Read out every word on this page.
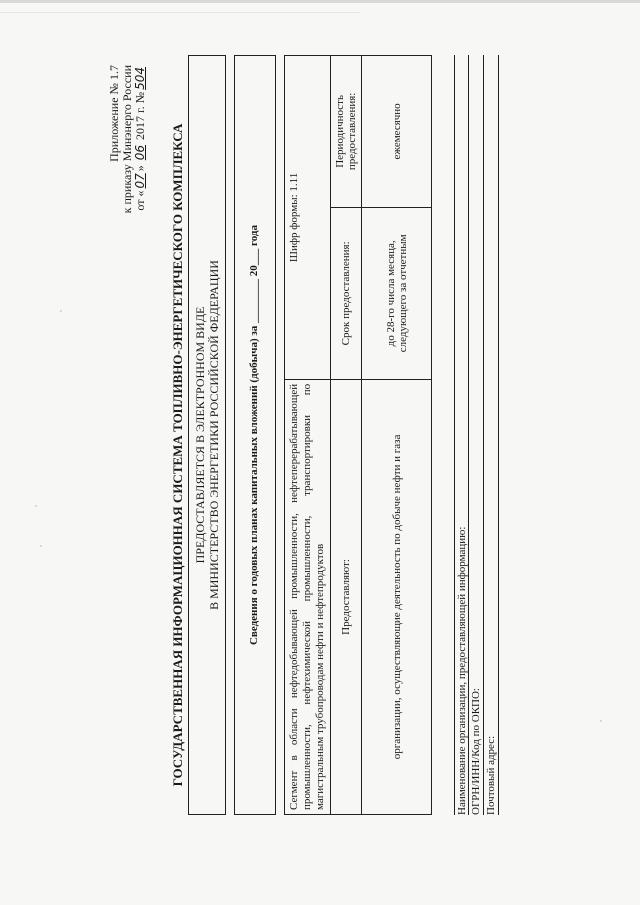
Приложение № 1.7 к приказу Минэнерго России от «07» 06 2017 г. №504
ГОСУДАРСТВЕННАЯ ИНФОРМАЦИОННАЯ СИСТЕМА ТОПЛИВНО-ЭНЕРГЕТИЧЕСКОГО КОМПЛЕКСА ПРЕДОСТАВЛЯЕТСЯ В ЭЛЕКТРОННОМ ВИДЕ В МИНИСТЕРСТВО ЭНЕРГЕТИКИ РОССИЙСКОЙ ФЕДЕРАЦИИ Сведения о годовых планах капитальных вложений (добыча) за ________ 20___ года
Сегмент в области нефтедобывающей промышленности, нефтеперерабатывающей промышленности, нефтехимической промышленности, транспортировки по магистральным трубопроводам нефти и нефтепродуктов	Шифр формы: 1.11	
Предоставляют:	Срок предоставления:	Периодичность предоставления:
организации, осуществляющие деятельность по добыче нефти и газа	до 28-го числа месяца, следующего за отчетным	ежемесячно
Наименование организации, предоставляющей информацию: ОГРН/ИНН/Код по ОКПО: Почтовый адрес:
